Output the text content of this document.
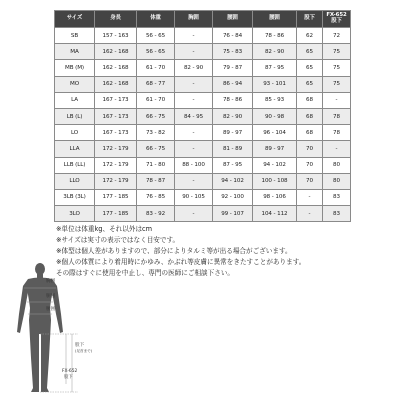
サイズ	身長	体重	胸囲	腰囲	腰囲	股下	FX-652
股下
SB	157 - 163	56 - 65	-	76 - 84	78 - 86	62	72
MA	162 - 168	56 - 65	-	75 - 83	82 - 90	65	75
MB (M)	162 - 168	61 - 70	82 - 90	79 - 87	87 - 95	65	75
MO	162 - 168	68 - 77	-	86 - 94	93 - 101	65	75
LA	167 - 173	61 - 70	-	78 - 86	85 - 93	68	-
LB (L)	167 - 173	66 - 75	84 - 95	82 - 90	90 - 98	68	78
LO	167 - 173	73 - 82	-	89 - 97	96 - 104	68	78
LLA	172 - 179	66 - 75	-	81 - 89	89 - 97	70	-
LLB (LL)	172 - 179	71 - 80	88 - 100	87 - 95	94 - 102	70	80
LLO	172 - 179	78 - 87	-	94 - 102	100 - 108	70	80
3LB (3L)	177 - 185	76 - 85	90 - 105	92 - 100	98 - 106	-	83
3LO	177 - 185	83 - 92	-	99 - 107	104 - 112	-	83
※単位は体重kg、それ以外はcm
※サイズは実寸の表示ではなく目安です。
※体型は個人差がありますので、部分によりタルミ等が出る場合がございます。
※個人の体質により着用時にかゆみ、かぶれ等皮膚に異常をきたすことがあります。
その際はすぐに使用を中止し、専門の医師にご相談下さい。
胸囲
胴囲
腰囲
股下
(足首まで)
FX-652
股下
